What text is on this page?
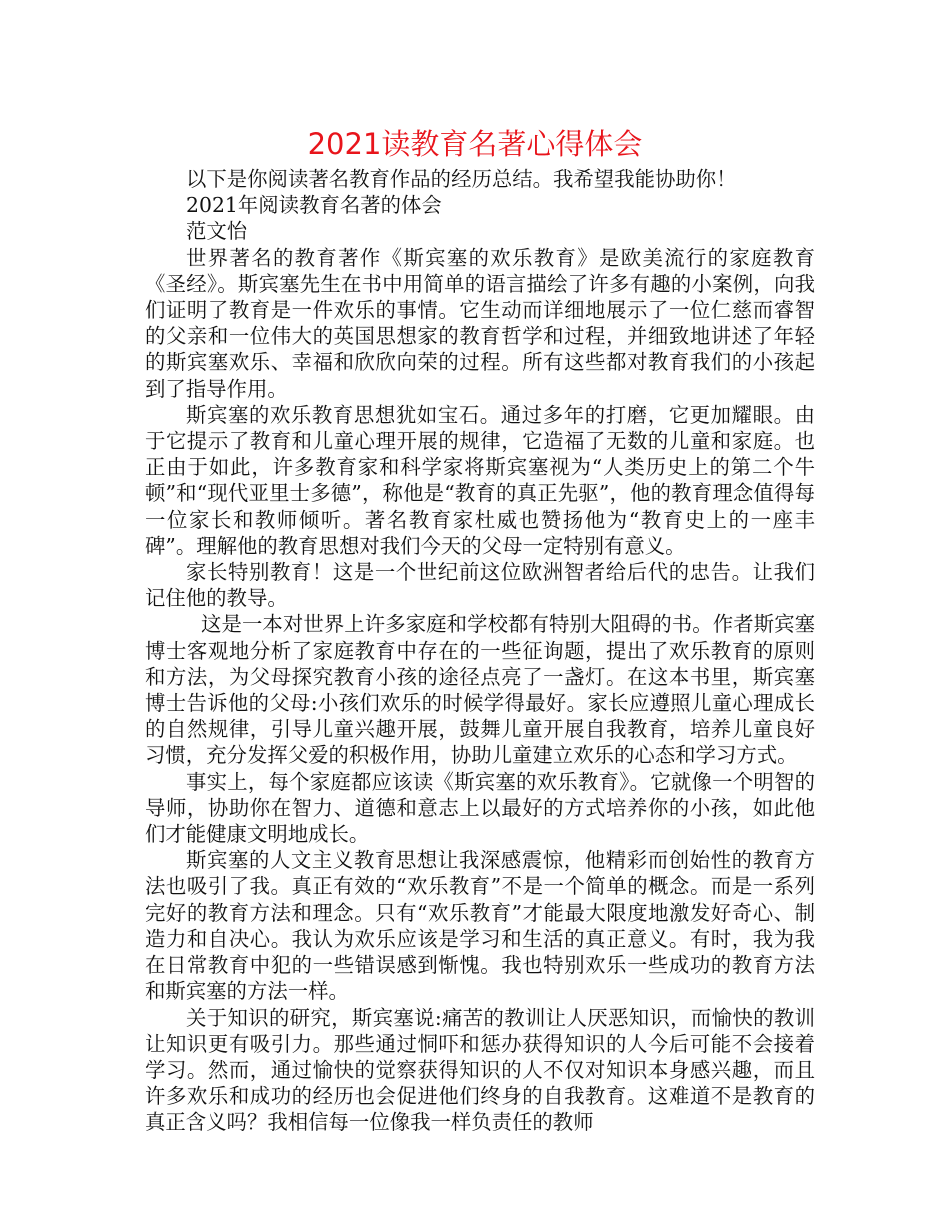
2021读教育名著心得体会

以下是你阅读著名教育作品的经历总结。我希望我能协助你！

2021年阅读教育名著的体会

范文怡

世界著名的教育著作《斯宾塞的欢乐教育》是欧美流行的家庭教育《圣经》。斯宾塞先生在书中用简单的语言描绘了许多有趣的小案例，向我们证明了教育是一件欢乐的事情。它生动而详细地展示了一位仁慈而睿智的父亲和一位伟大的英国思想家的教育哲学和过程，并细致地讲述了年轻的斯宾塞欢乐、幸福和欣欣向荣的过程。所有这些都对教育我们的小孩起到了指导作用。

斯宾塞的欢乐教育思想犹如宝石。通过多年的打磨，它更加耀眼。由于它提示了教育和儿童心理开展的规律，它造福了无数的儿童和家庭。也正由于如此，许多教育家和科学家将斯宾塞视为“人类历史上的第二个牛顿”和“现代亚里士多德”，称他是“教育的真正先驱”，他的教育理念值得每一位家长和教师倾听。著名教育家杜威也赞扬他为“教育史上的一座丰碑”。理解他的教育思想对我们今天的父母一定特别有意义。

家长特别教育！这是一个世纪前这位欧洲智者给后代的忠告。让我们记住他的教导。

这是一本对世界上许多家庭和学校都有特别大阻碍的书。作者斯宾塞博士客观地分析了家庭教育中存在的一些征询题，提出了欢乐教育的原则和方法，为父母探究教育小孩的途径点亮了一盏灯。在这本书里，斯宾塞博士告诉他的父母:小孩们欢乐的时候学得最好。家长应遵照儿童心理成长的自然规律，引导儿童兴趣开展，鼓舞儿童开展自我教育，培养儿童良好习惯，充分发挥父爱的积极作用，协助儿童建立欢乐的心态和学习方式。

事实上，每个家庭都应该读《斯宾塞的欢乐教育》。它就像一个明智的导师，协助你在智力、道德和意志上以最好的方式培养你的小孩，如此他们才能健康文明地成长。

斯宾塞的人文主义教育思想让我深感震惊，他精彩而创始性的教育方法也吸引了我。真正有效的“欢乐教育”不是一个简单的概念。而是一系列完好的教育方法和理念。只有“欢乐教育”才能最大限度地激发好奇心、制造力和自决心。我认为欢乐应该是学习和生活的真正意义。有时，我为我在日常教育中犯的一些错误感到惭愧。我也特别欢乐一些成功的教育方法和斯宾塞的方法一样。

关于知识的研究，斯宾塞说:痛苦的教训让人厌恶知识，而愉快的教训让知识更有吸引力。那些通过恫吓和惩办获得知识的人今后可能不会接着学习。然而，通过愉快的觉察获得知识的人不仅对知识本身感兴趣，而且许多欢乐和成功的经历也会促进他们终身的自我教育。这难道不是教育的真正含义吗？我相信每一位像我一样负责任的教师
